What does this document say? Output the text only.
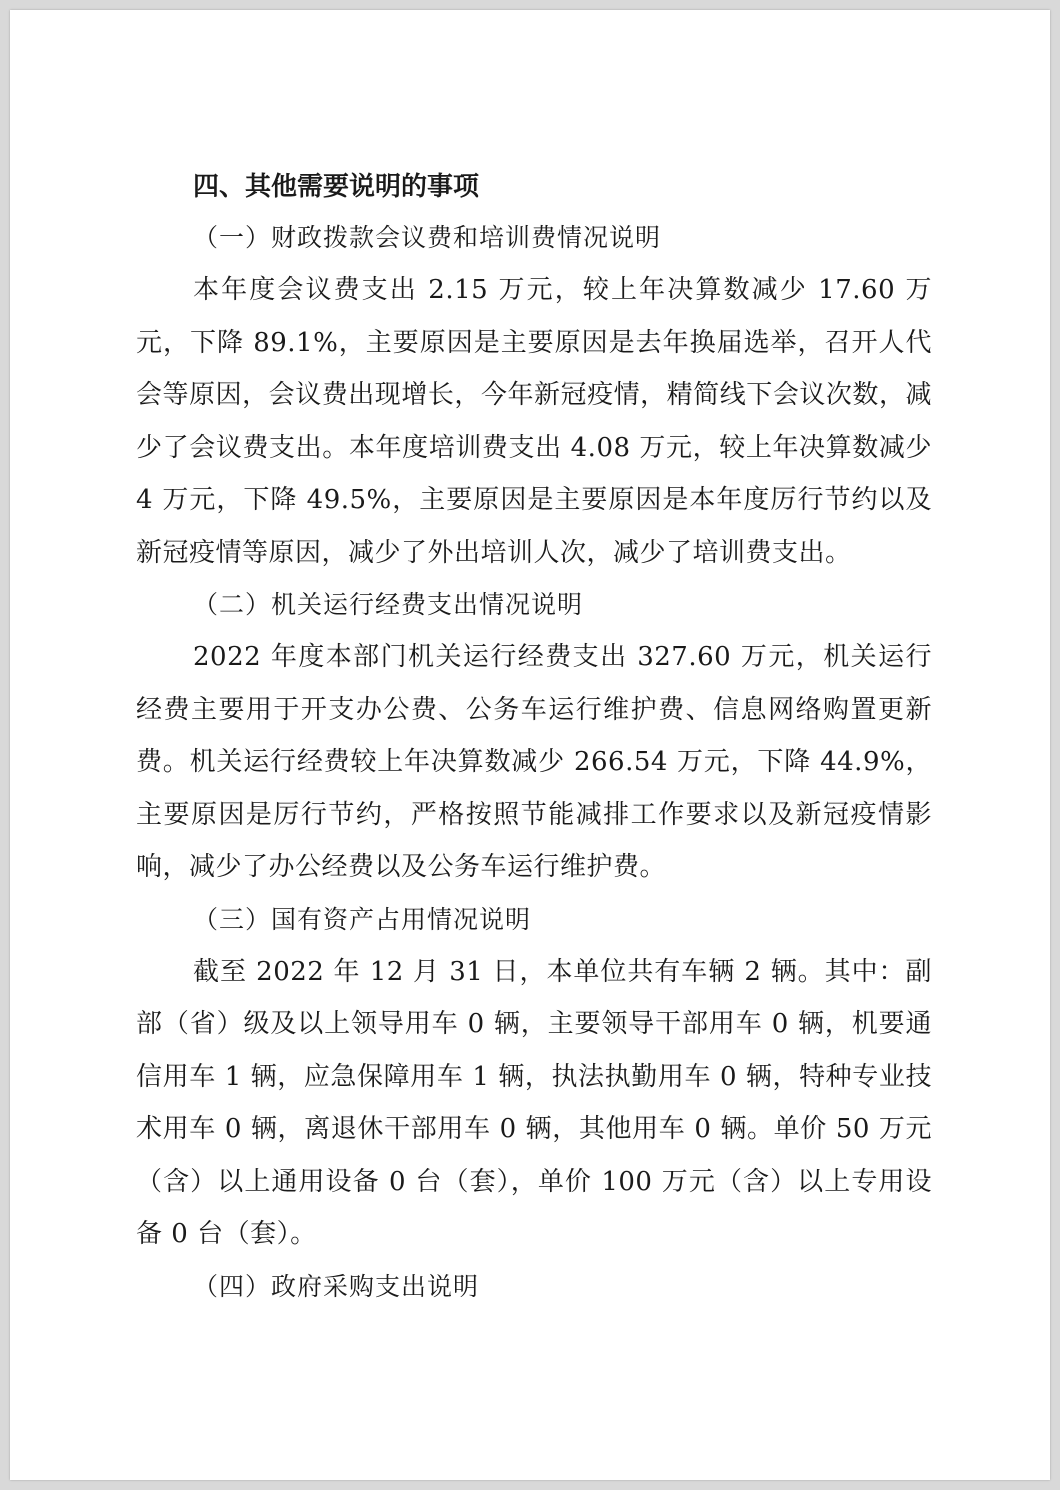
四、其他需要说明的事项

（一）财政拨款会议费和培训费情况说明

本年度会议费支出 2.15 万元，较上年决算数减少 17.60 万元，下降 89.1%，主要原因是主要原因是去年换届选举，召开人代会等原因，会议费出现增长，今年新冠疫情，精简线下会议次数，减少了会议费支出。本年度培训费支出 4.08 万元，较上年决算数减少 4 万元，下降 49.5%，主要原因是主要原因是本年度厉行节约以及新冠疫情等原因，减少了外出培训人次，减少了培训费支出。

（二）机关运行经费支出情况说明

2022 年度本部门机关运行经费支出 327.60 万元，机关运行经费主要用于开支办公费、公务车运行维护费、信息网络购置更新费。机关运行经费较上年决算数减少 266.54 万元，下降 44.9%，主要原因是厉行节约，严格按照节能减排工作要求以及新冠疫情影响，减少了办公经费以及公务车运行维护费。

（三）国有资产占用情况说明

截至 2022 年 12 月 31 日，本单位共有车辆 2 辆。其中：副部（省）级及以上领导用车 0 辆，主要领导干部用车 0 辆，机要通信用车 1 辆，应急保障用车 1 辆，执法执勤用车 0 辆，特种专业技术用车 0 辆，离退休干部用车 0 辆，其他用车 0 辆。单价 50 万元（含）以上通用设备 0 台（套），单价 100 万元（含）以上专用设备 0 台（套）。

（四）政府采购支出说明
